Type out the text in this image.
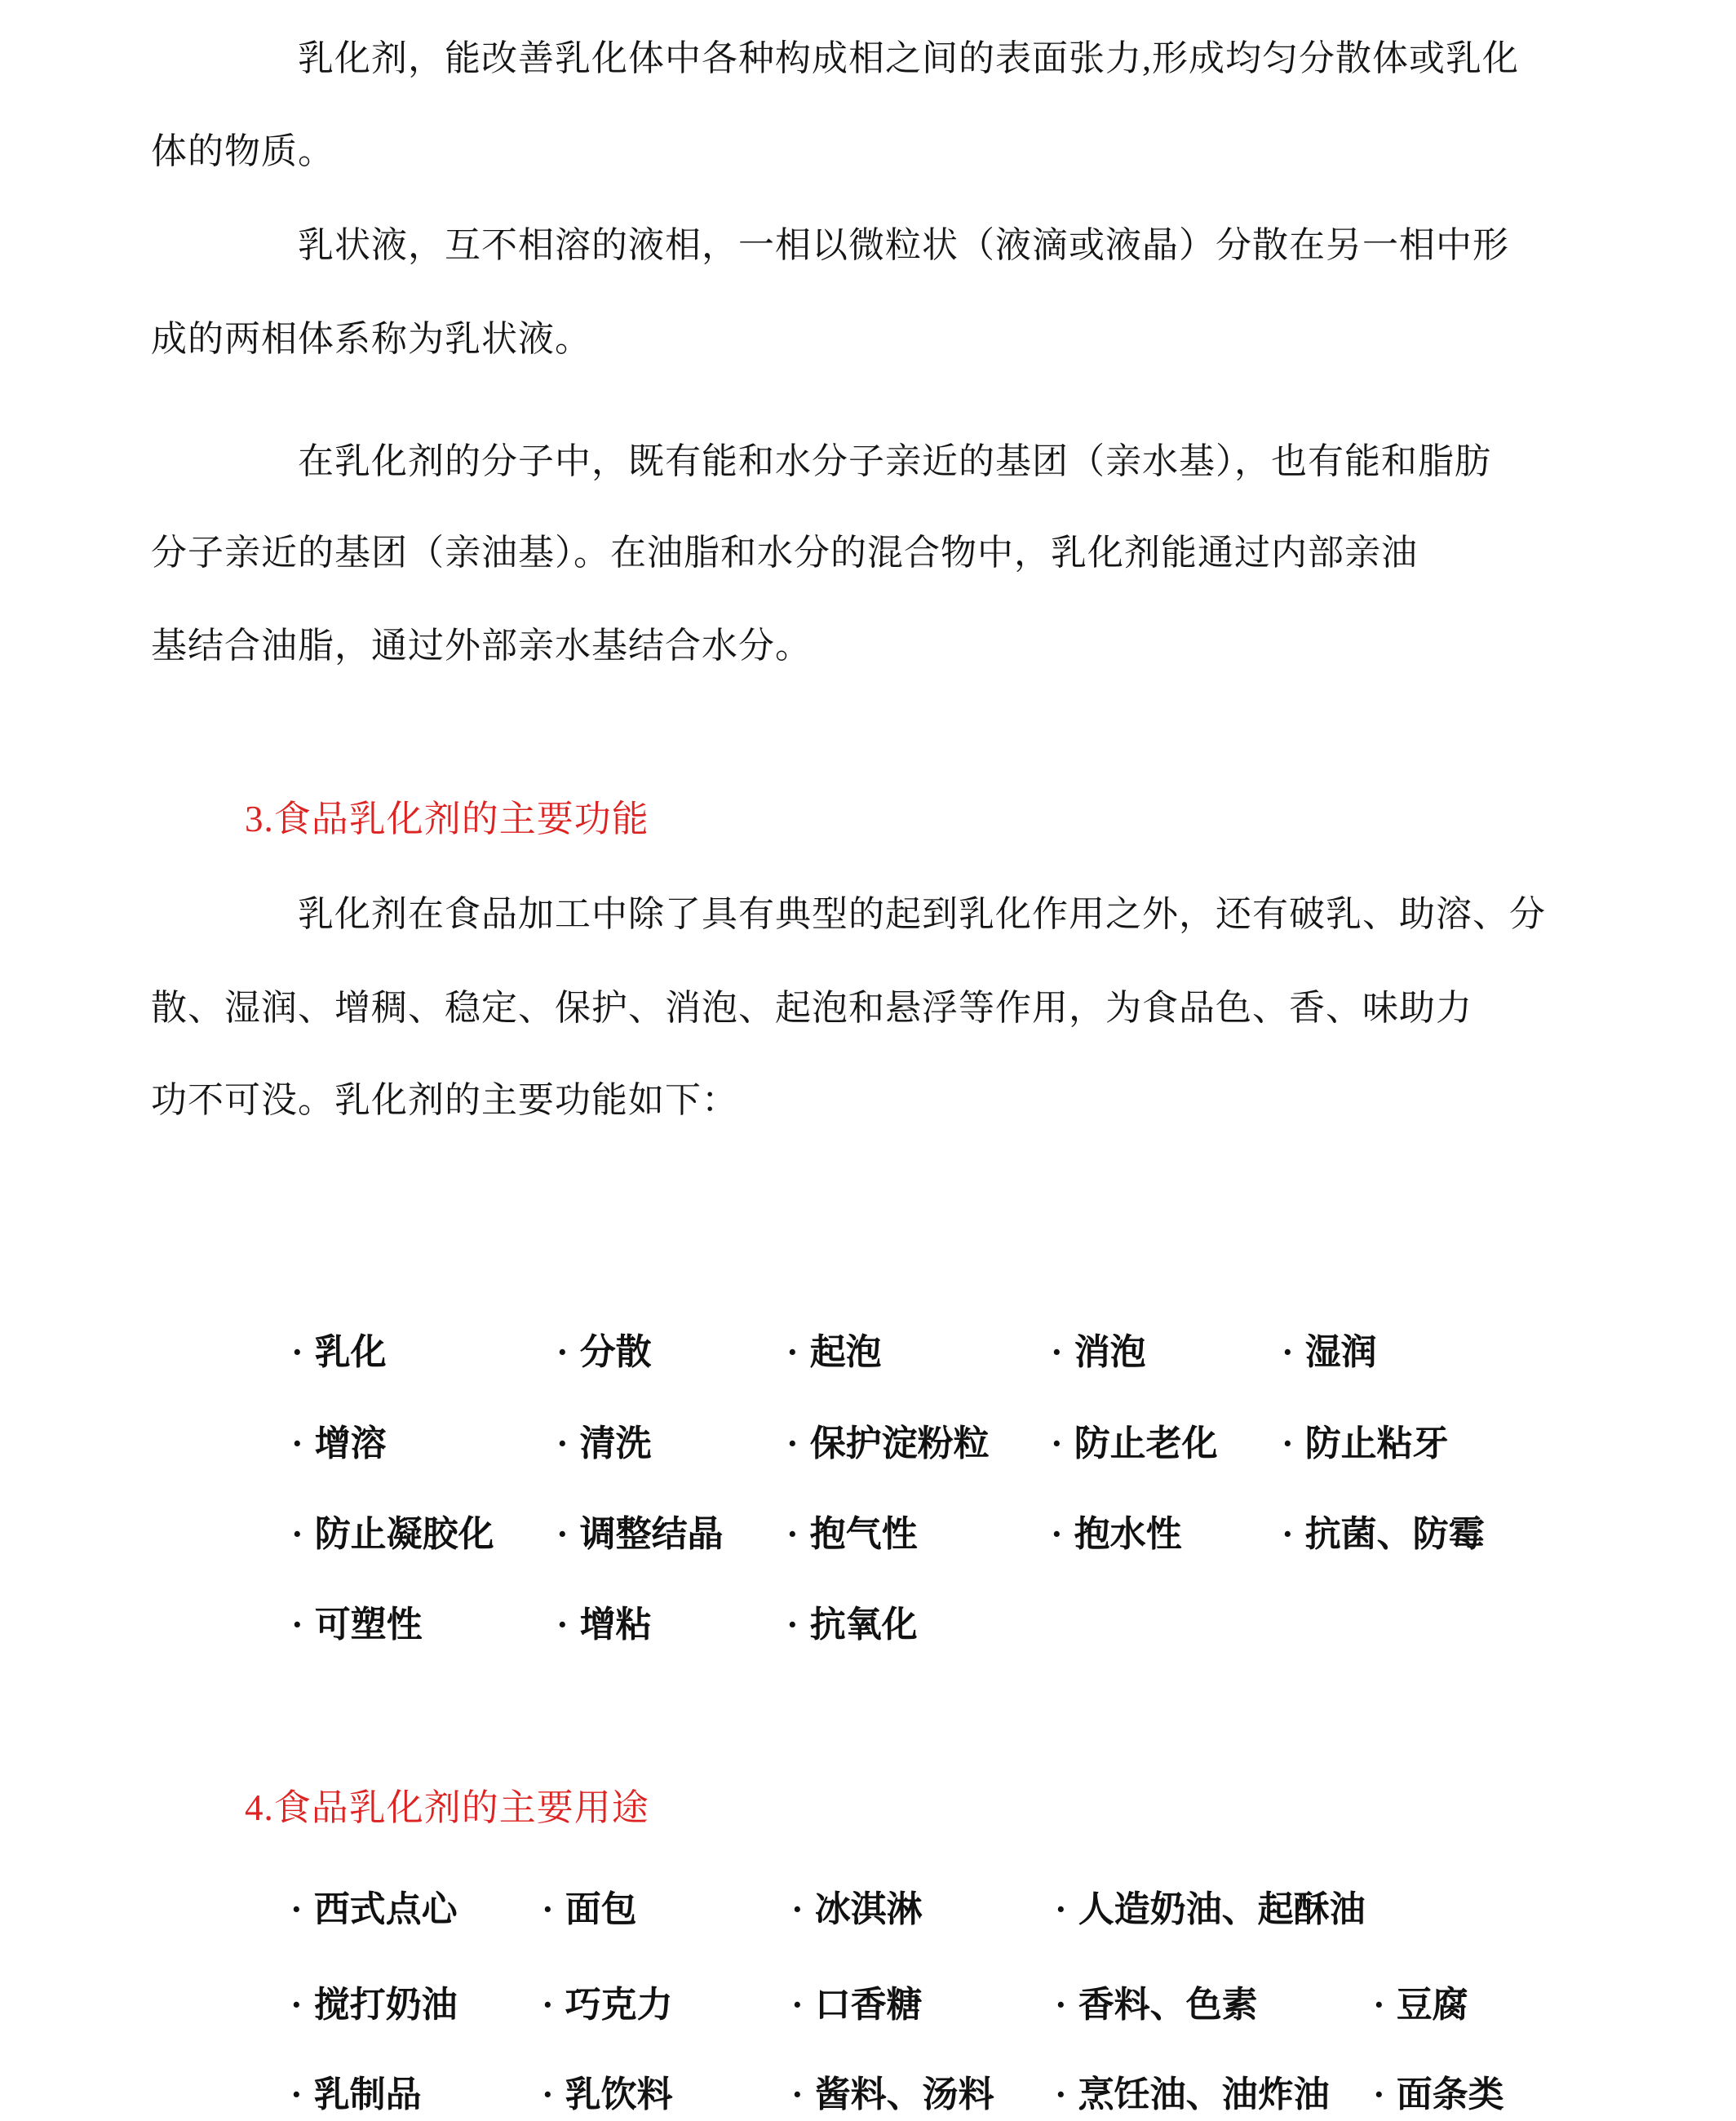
乳化剂，能改善乳化体中各种构成相之间的表面张力,形成均匀分散体或乳化
体的物质。
乳状液，互不相溶的液相，一相以微粒状（液滴或液晶）分散在另一相中形
成的两相体系称为乳状液。
在乳化剂的分子中，既有能和水分子亲近的基团（亲水基），也有能和脂肪
分子亲近的基团（亲油基）。在油脂和水分的混合物中，乳化剂能通过内部亲油
基结合油脂，通过外部亲水基结合水分。
3.食品乳化剂的主要功能
乳化剂在食品加工中除了具有典型的起到乳化作用之外，还有破乳、助溶、分
散、湿润、增稠、稳定、保护、消泡、起泡和悬浮等作用，为食品色、香、味助力
功不可没。乳化剂的主要功能如下：
· 乳化	· 分散	· 起泡	· 消泡	· 湿润
· 增溶	· 清洗	· 保护淀粉粒 · 防止老化 · 防止粘牙
· 防止凝胶化 · 调整结晶 · 抱气性	· 抱水性	· 抗菌、防霉
· 可塑性	· 增粘	· 抗氧化
4.食品乳化剂的主要用途
· 西式点心 · 面包	· 冰淇淋	· 人造奶油、起酥油
· 搅打奶油 · 巧克力	· 口香糖	· 香料、色素	· 豆腐
· 乳制品	· 乳饮料	· 酱料、汤料 · 烹饪油、油炸油 · 面条类
